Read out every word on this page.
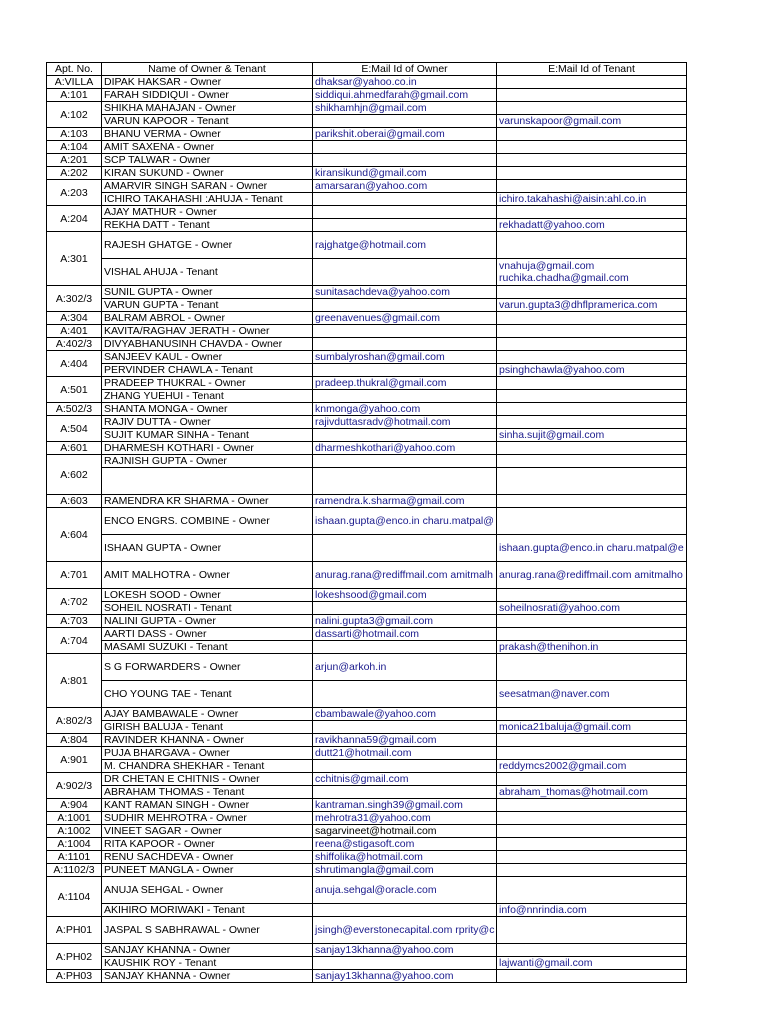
Apt. No.	Name of Owner & Tenant	E:Mail Id of Owner	E:Mail Id of Tenant
A:VILLA	DIPAK HAKSAR - Owner	dhaksar@yahoo.co.in	
A:101	FARAH SIDDIQUI - Owner	siddiqui.ahmedfarah@gmail.com	
A:102	SHIKHA MAHAJAN - Owner	shikhamhjn@gmail.com	
	VARUN KAPOOR - Tenant		varunskapoor@gmail.com
A:103	BHANU VERMA - Owner	parikshit.oberai@gmail.com	
A:104	AMIT SAXENA - Owner		
A:201	SCP TALWAR - Owner		
A:202	KIRAN SUKUND - Owner	kiransikund@gmail.com	
A:203	AMARVIR SINGH SARAN - Owner	amarsaran@yahoo.com	
	ICHIRO TAKAHASHI :AHUJA - Tenant		ichiro.takahashi@aisin:ahl.co.in
A:204	AJAY MATHUR - Owner		
	REKHA DATT - Tenant		rekhadatt@yahoo.com
A:301	RAJESH GHATGE - Owner	rajghatge@hotmail.com	
	VISHAL AHUJA - Tenant		vnahuja@gmail.com
ruchika.chadha@gmail.com

A:302/3	SUNIL GUPTA - Owner	sunitasachdeva@yahoo.com	
	VARUN GUPTA - Tenant		varun.gupta3@dhflpramerica.com
A:304	BALRAM ABROL - Owner	greenavenues@gmail.com	
A:401	KAVITA/RAGHAV JERATH - Owner		
A:402/3	DIVYABHANUSINH CHAVDA - Owner		
A:404	SANJEEV KAUL - Owner	sumbalyroshan@gmail.com	
	PERVINDER CHAWLA - Tenant		psinghchawla@yahoo.com
A:501	PRADEEP THUKRAL - Owner	pradeep.thukral@gmail.com	
	ZHANG YUEHUI - Tenant		
A:502/3	SHANTA MONGA - Owner	knmonga@yahoo.com	
A:504	RAJIV DUTTA - Owner	rajivduttasradv@hotmail.com	
	SUJIT KUMAR SINHA - Tenant		sinha.sujit@gmail.com
A:601	DHARMESH KOTHARI - Owner	dharmeshkothari@yahoo.com	
A:602	RAJNISH GUPTA - Owner		

A:603	RAMENDRA KR SHARMA - Owner	ramendra.k.sharma@gmail.com	
A:604	ENCO ENGRS. COMBINE - Owner	ishaan.gupta@enco.in charu.matpal@	
	ISHAAN GUPTA - Owner		ishaan.gupta@enco.in charu.matpal@e
A:701	AMIT MALHOTRA - Owner	anurag.rana@rediffmail.com amitmalh	anurag.rana@rediffmail.com amitmalho
A:702	LOKESH SOOD - Owner	lokeshsood@gmail.com	
	SOHEIL NOSRATI - Tenant		soheilnosrati@yahoo.com
A:703	NALINI GUPTA - Owner	nalini.gupta3@gmail.com	
A:704	AARTI DASS - Owner	dassarti@hotmail.com	
	MASAMI SUZUKI - Tenant		prakash@thenihon.in
A:801	S G FORWARDERS - Owner	arjun@arkoh.in	
	CHO YOUNG TAE - Tenant		seesatman@naver.com
A:802/3	AJAY BAMBAWALE - Owner	cbambawale@yahoo.com	
	GIRISH BALUJA - Tenant		monica21baluja@gmail.com
A:804	RAVINDER KHANNA - Owner	ravikhanna59@gmail.com	
A:901	PUJA BHARGAVA - Owner	dutt21@hotmail.com	
	M. CHANDRA SHEKHAR - Tenant		reddymcs2002@gmail.com
A:902/3	DR CHETAN E CHITNIS - Owner	cchitnis@gmail.com	
	ABRAHAM THOMAS - Tenant		abraham_thomas@hotmail.com
A:904	KANT RAMAN SINGH - Owner	kantraman.singh39@gmail.com	
A:1001	SUDHIR MEHROTRA - Owner	mehrotra31@yahoo.com	
A:1002	VINEET SAGAR - Owner	sagarvineet@hotmail.com	
A:1004	RITA KAPOOR - Owner	reena@stigasoft.com	
A:1101	RENU SACHDEVA - Owner	shiffolika@hotmail.com	
A:1102/3	PUNEET MANGLA - Owner	shrutimangla@gmail.com	
A:1104	ANUJA SEHGAL - Owner	anuja.sehgal@oracle.com	
	AKIHIRO MORIWAKI - Tenant		info@nnrindia.com
A:PH01	JASPAL S SABHRAWAL - Owner	jsingh@everstonecapital.com rprity@c	
A:PH02	SANJAY KHANNA - Owner	sanjay13khanna@yahoo.com	
	KAUSHIK ROY - Tenant		lajwanti@gmail.com
A:PH03	SANJAY KHANNA - Owner	sanjay13khanna@yahoo.com	
